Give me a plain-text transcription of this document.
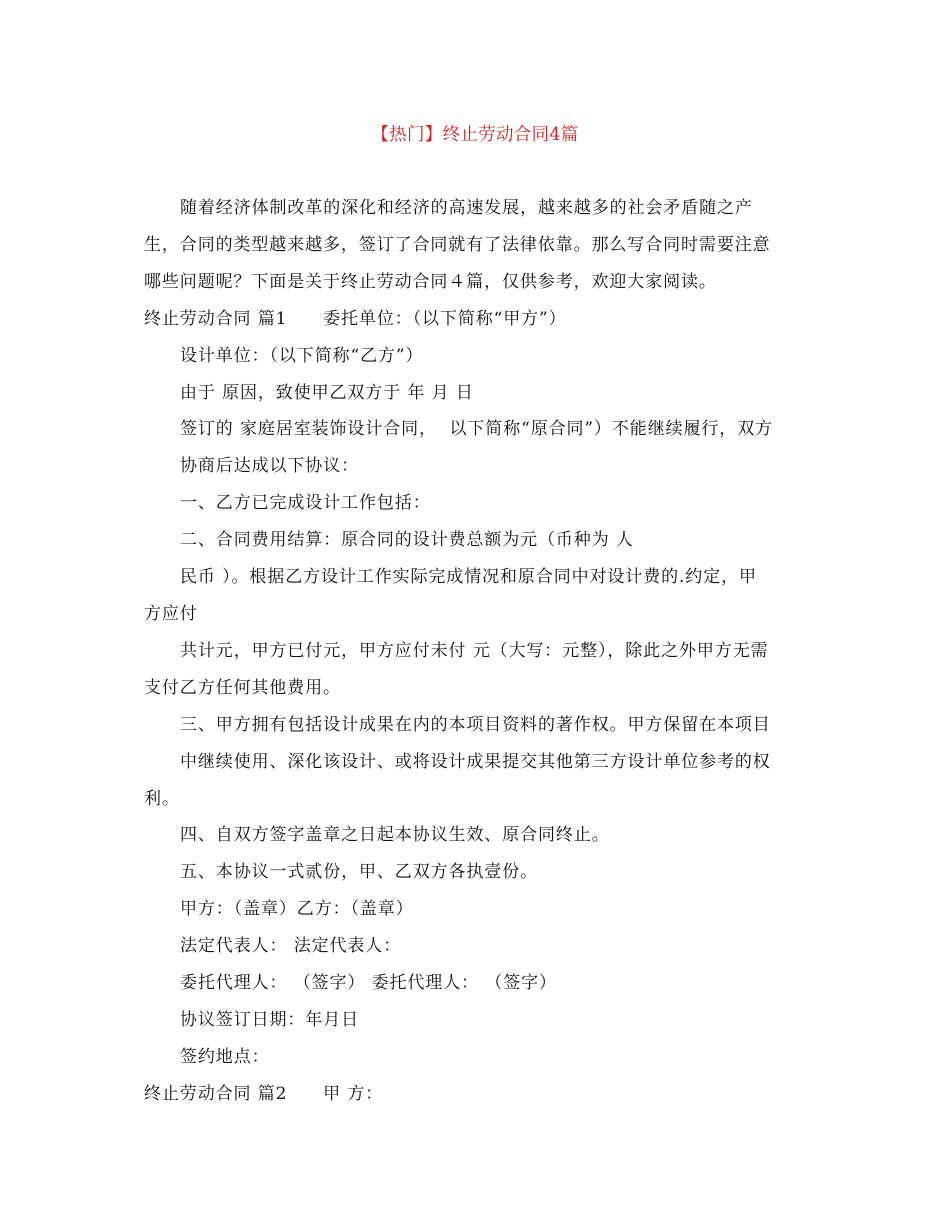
【热门】终止劳动合同4篇

随着经济体制改革的深化和经济的高速发展，越来越多的社会矛盾随之产

生，合同的类型越来越多，签订了合同就有了法律依靠。那么写合同时需要注意

哪些问题呢？下面是关于终止劳动合同４篇，仅供参考，欢迎大家阅读。

终止劳动合同 篇1　　委托单位：（以下简称“甲方”）

设计单位：（以下简称“乙方”）

由于 原因，致使甲乙双方于 年 月 日

签订的 家庭居室装饰设计合同，  以下简称“原合同”）不能继续履行，双方

协商后达成以下协议：

一、乙方已完成设计工作包括：

二、合同费用结算：原合同的设计费总额为元（币种为 人

民币 ）。根据乙方设计工作实际完成情况和原合同中对设计费的.约定，甲

方应付

共计元，甲方已付元，甲方应付未付 元（大写：元整），除此之外甲方无需

支付乙方任何其他费用。

三、甲方拥有包括设计成果在内的本项目资料的著作权。甲方保留在本项目

中继续使用、深化该设计、或将设计成果提交其他第三方设计单位参考的权

利。

四、自双方签字盖章之日起本协议生效、原合同终止。

五、本协议一式贰份，甲、乙双方各执壹份。

甲方：（盖章）乙方：（盖章）

法定代表人： 法定代表人：

委托代理人： （签字） 委托代理人： （签字）

协议签订日期：年月日

签约地点：

终止劳动合同 篇2　　甲 方：
